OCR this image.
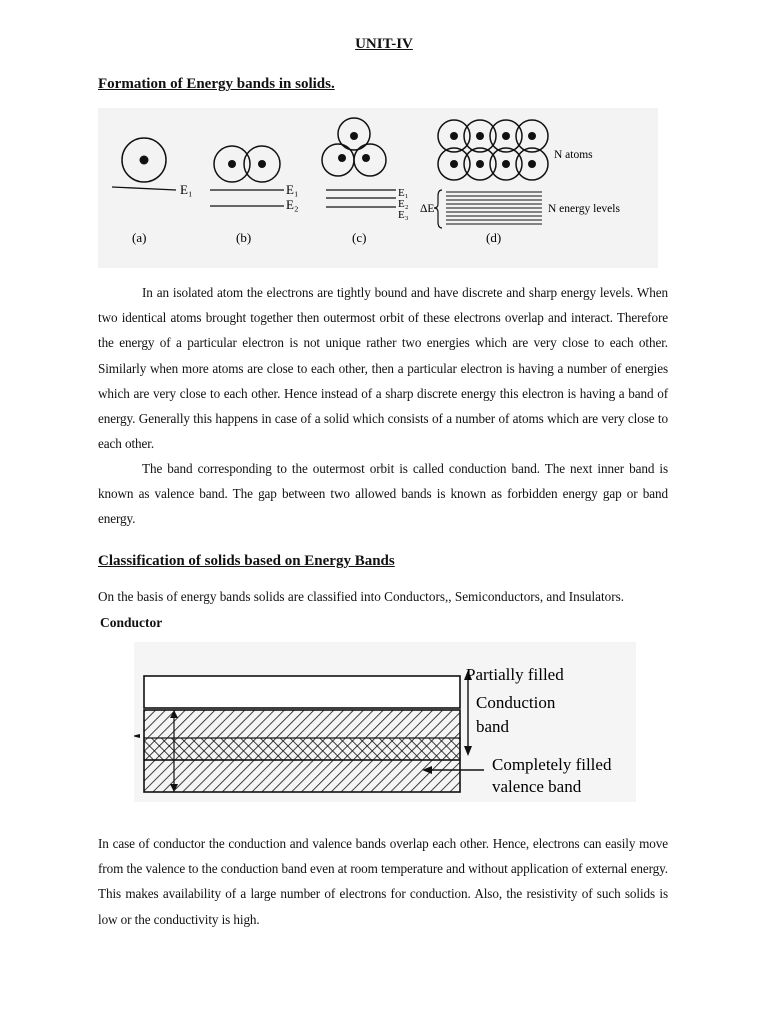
UNIT-IV
Formation of Energy bands in solids.
E₁
(a)
E₁
E₂
(b)
E₁
E₂
E₃
(c)
N atoms
ΔE	N energy levels
(d)
In an isolated atom the electrons are tightly bound and have discrete and sharp energy levels. When two identical atoms brought together then outermost orbit of these electrons overlap and interact. Therefore the energy of a particular electron is not unique rather two energies which are very close to each other. Similarly when more atoms are close to each other, then a particular electron is having a number of energies which are very close to each other. Hence instead of a sharp discrete energy this electron is having a band of energy. Generally this happens in case of a solid which consists of a number of atoms which are very close to each other.
The band corresponding to the outermost orbit is called conduction band. The next inner band is known as valence band. The gap between two allowed bands is known as forbidden energy gap or band energy.
Classification of solids based on Energy Bands
On the basis of energy bands solids are classified into Conductors,, Semiconductors, and Insulators.
Conductor
Partially filled
Conduction
band
Completely filled
valence band
In case of conductor the conduction and valence bands overlap each other. Hence, electrons can easily move from the valence to the conduction band even at room temperature and without application of external energy. This makes availability of a large number of electrons for conduction. Also, the resistivity of such solids is low or the conductivity is high.
